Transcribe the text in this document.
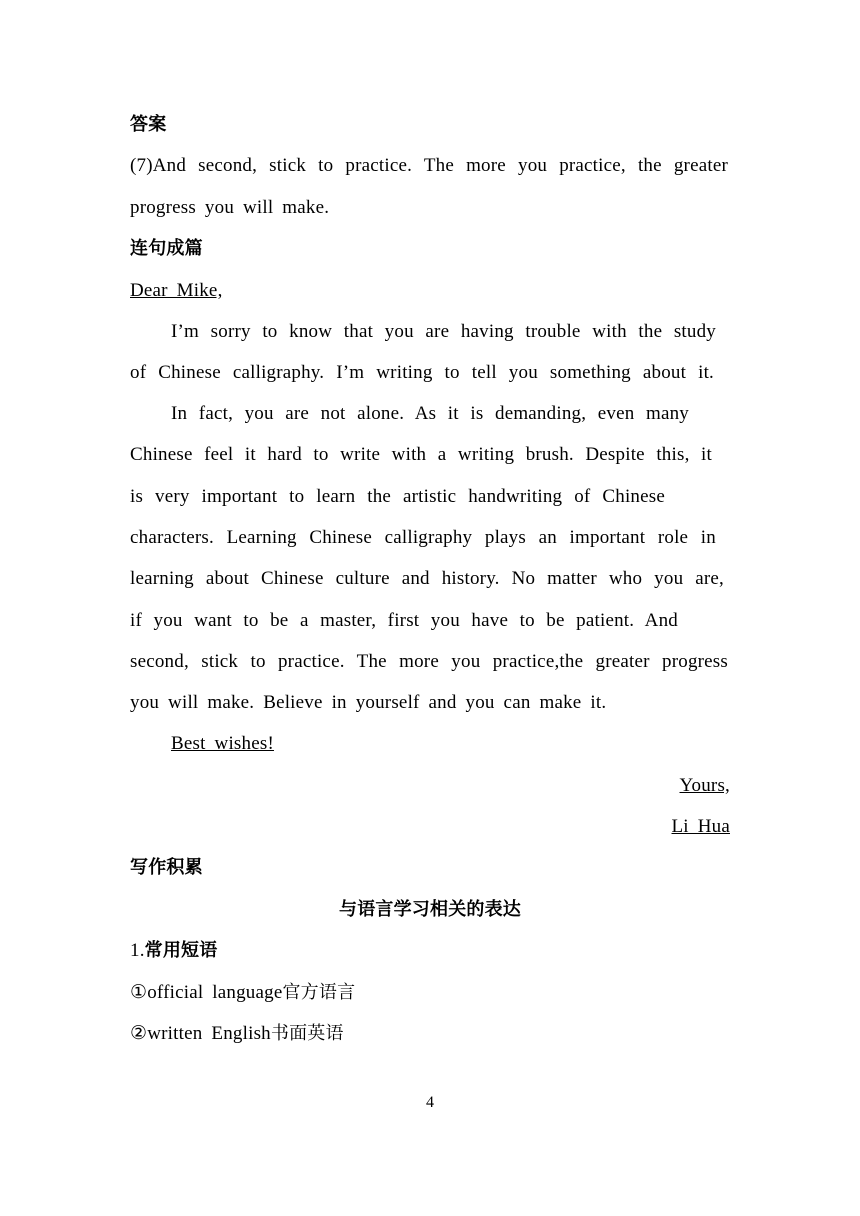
答案
(7)And second, stick to practice. The more you practice, the greater
progress you will make.
连句成篇
Dear Mike,
I’m sorry to know that you are having trouble with the study
of Chinese calligraphy. I’m writing to tell you something about it.
In fact, you are not alone. As it is demanding, even many
Chinese feel it hard to write with a writing brush. Despite this, it
is very important to learn the artistic handwriting of Chinese
characters. Learning Chinese calligraphy plays an important role in
learning about Chinese culture and history. No matter who you are,
if you want to be a master, first you have to be patient. And
second, stick to practice. The more you practice,the greater progress
you will make. Believe in yourself and you can make it.
Best wishes!
Yours,
Li Hua
写作积累
与语言学习相关的表达
1.常用短语
①official language官方语言
②written English书面英语
4
